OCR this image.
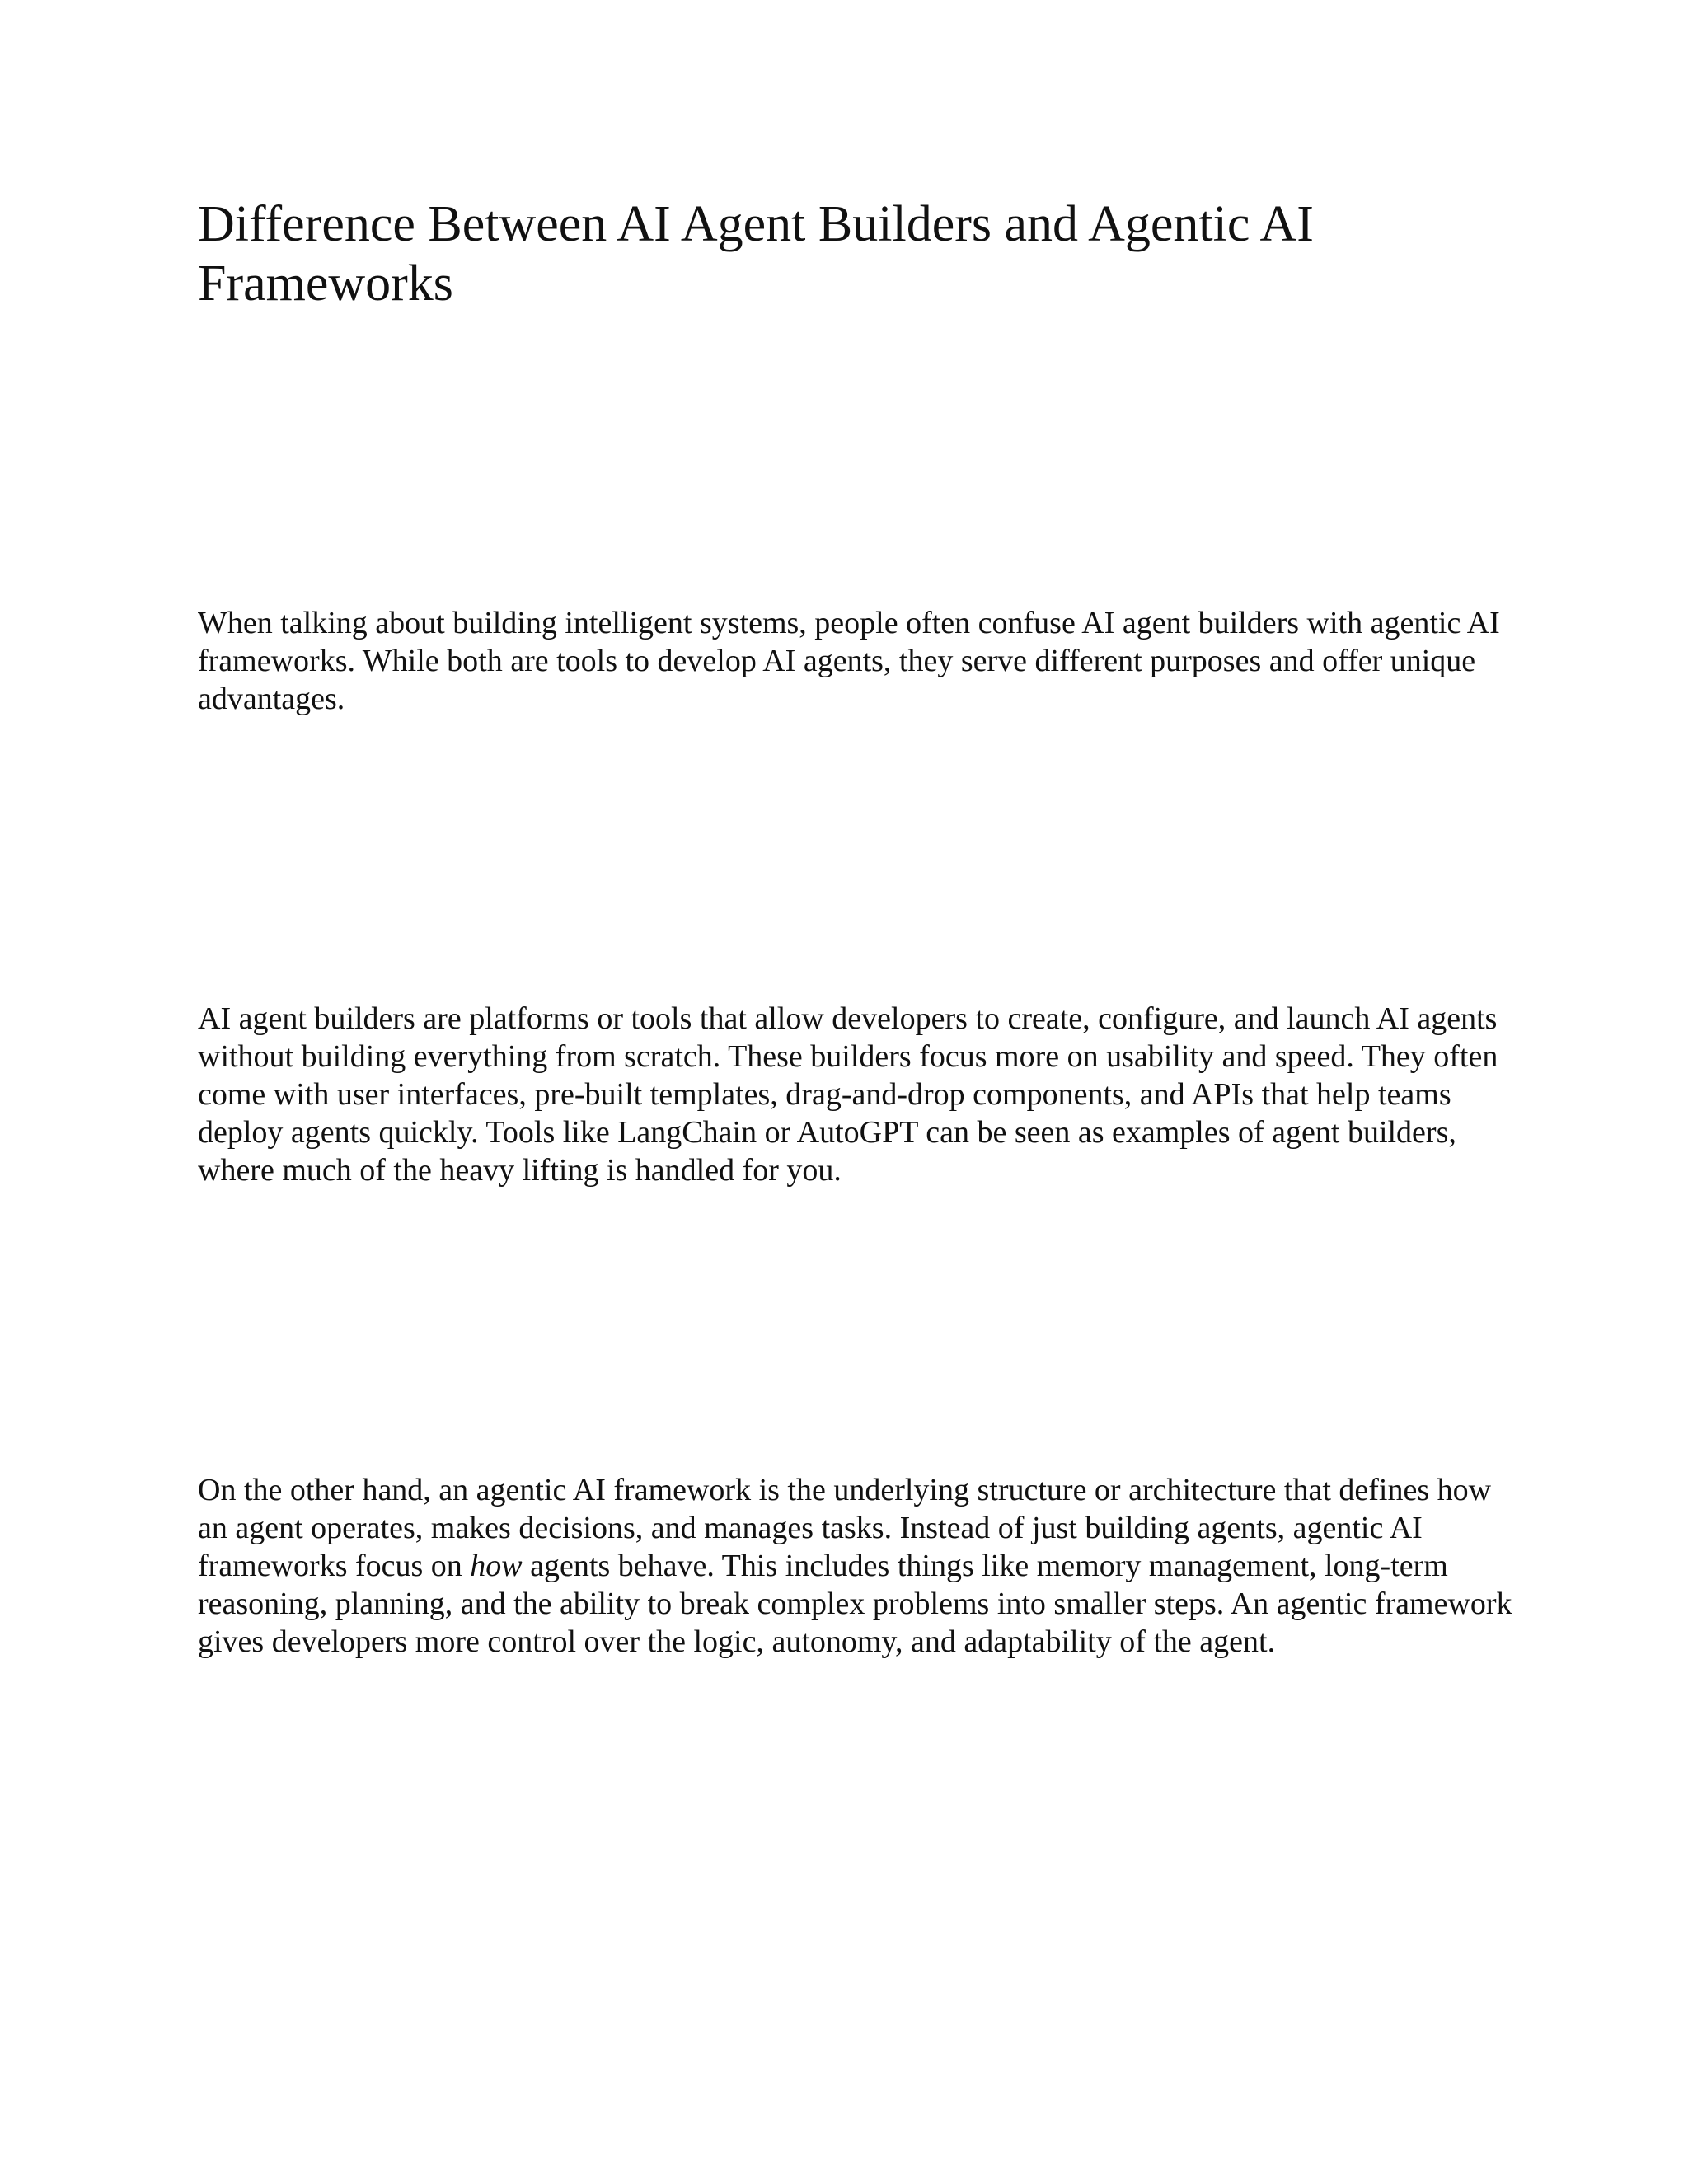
Difference Between AI Agent Builders and Agentic AI Frameworks

When talking about building intelligent systems, people often confuse AI agent builders with agentic AI frameworks. While both are tools to develop AI agents, they serve different purposes and offer unique advantages.

AI agent builders are platforms or tools that allow developers to create, configure, and launch AI agents without building everything from scratch. These builders focus more on usability and speed. They often come with user interfaces, pre-built templates, drag-and-drop components, and APIs that help teams deploy agents quickly. Tools like LangChain or AutoGPT can be seen as examples of agent builders, where much of the heavy lifting is handled for you.

On the other hand, an agentic AI framework is the underlying structure or architecture that defines how an agent operates, makes decisions, and manages tasks. Instead of just building agents, agentic AI frameworks focus on how agents behave. This includes things like memory management, long-term reasoning, planning, and the ability to break complex problems into smaller steps. An agentic framework gives developers more control over the logic, autonomy, and adaptability of the agent.
